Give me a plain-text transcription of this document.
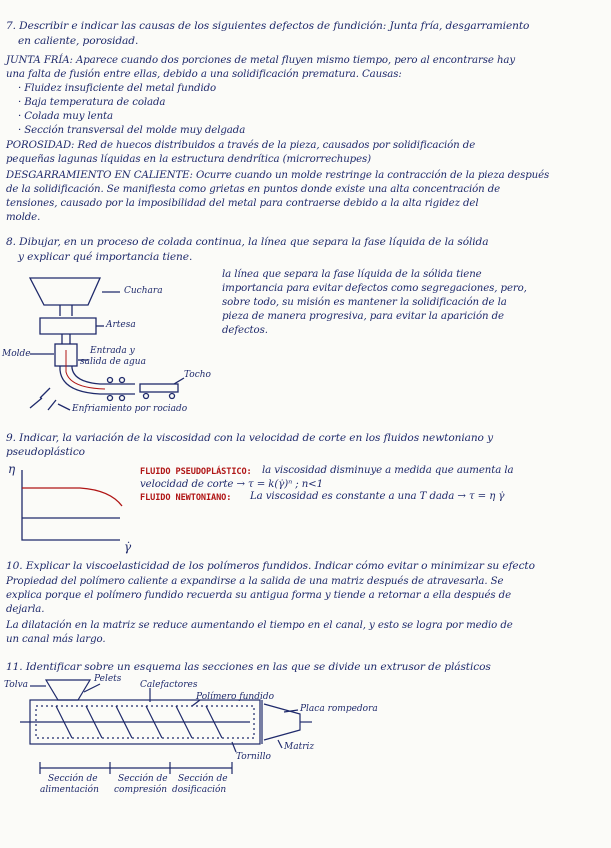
7. Describir e indicar las causas de los siguientes defectos de fundición: Junta fría, desgarramiento
en caliente, porosidad.
JUNTA FRÍA: Aparece cuando dos porciones de metal fluyen mismo tiempo, pero al encontrarse hay
una falta de fusión entre ellas, debido a una solidificación prematura. Causas:
· Fluidez insuficiente del metal fundido
· Baja temperatura de colada
· Colada muy lenta
· Sección transversal del molde muy delgada
POROSIDAD: Red de huecos distribuidos a través de la pieza, causados por solidificación de
pequeñas lagunas líquidas en la estructura dendrítica (microrrechupes)
DESGARRAMIENTO EN CALIENTE: Ocurre cuando un molde restringe la contracción de la pieza después
de la solidificación. Se manifiesta como grietas en puntos donde existe una alta concentración de
tensiones, causado por la imposibilidad del metal para contraerse debido a la alta rigidez del
molde.
8. Dibujar, en un proceso de colada continua, la línea que separa la fase líquida de la sólida
y explicar qué importancia tiene.
la línea que separa la fase líquida de la sólida tiene
importancia para evitar defectos como segregaciones, pero,
sobre todo, su misión es mantener la solidificación de la
pieza de manera progresiva, para evitar la aparición de
defectos.
Cuchara
Artesa
Molde	Entrada y
salida de agua
Tocho
Enfriamiento por rociado
9. Indicar, la variación de la viscosidad con la velocidad de corte en los fluidos newtoniano y
pseudoplástico
η
γ̇
FLUIDO PSEUDOPLÁSTICO: la viscosidad disminuye a medida que aumenta la
velocidad de corte → τ = k(γ̇)ⁿ ; n<1
FLUIDO NEWTONIANO: La viscosidad es constante a una T dada → τ = η γ̇
10. Explicar la viscoelasticidad de los polímeros fundidos. Indicar cómo evitar o minimizar su efecto
Propiedad del polímero caliente a expandirse a la salida de una matriz después de atravesarla. Se
explica porque el polímero fundido recuerda su antigua forma y tiende a retornar a ella después de
dejarla.
La dilatación en la matriz se reduce aumentando el tiempo en el canal, y esto se logra por medio de
un canal más largo.
11. Identificar sobre un esquema las secciones en las que se divide un extrusor de plásticos
Tolva
Pelets
Calefactores
Polímero fundido
Placa rompedora
Matriz
Tornillo
Sección de
alimentación
Sección de
compresión
Sección de
dosificación
